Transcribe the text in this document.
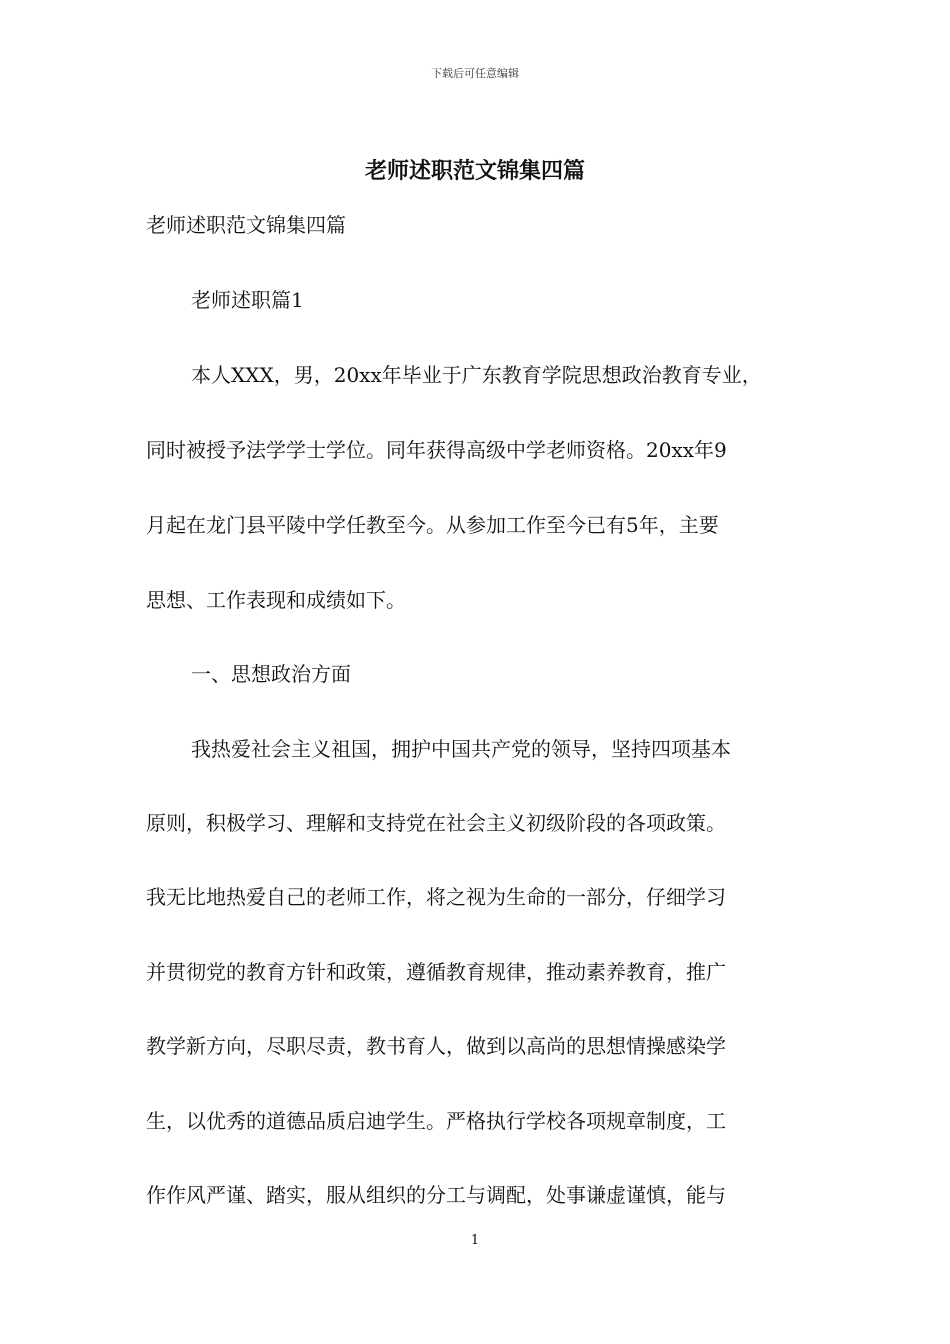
下载后可任意编辑
老师述职范文锦集四篇

老师述职范文锦集四篇

老师述职篇1

本人XXX，男，20xx年毕业于广东教育学院思想政治教育专业，

同时被授予法学学士学位。同年获得高级中学老师资格。20xx年9

月起在龙门县平陵中学任教至今。从参加工作至今已有5年，主要

思想、工作表现和成绩如下。

一、思想政治方面

我热爱社会主义祖国，拥护中国共产党的领导，坚持四项基本

原则，积极学习、理解和支持党在社会主义初级阶段的各项政策。

我无比地热爱自己的老师工作，将之视为生命的一部分，仔细学习

并贯彻党的教育方针和政策，遵循教育规律，推动素养教育，推广

教学新方向，尽职尽责，教书育人，做到以高尚的思想情操感染学

生，以优秀的道德品质启迪学生。严格执行学校各项规章制度，工

作作风严谨、踏实，服从组织的分工与调配，处事谦虚谨慎，能与

1
